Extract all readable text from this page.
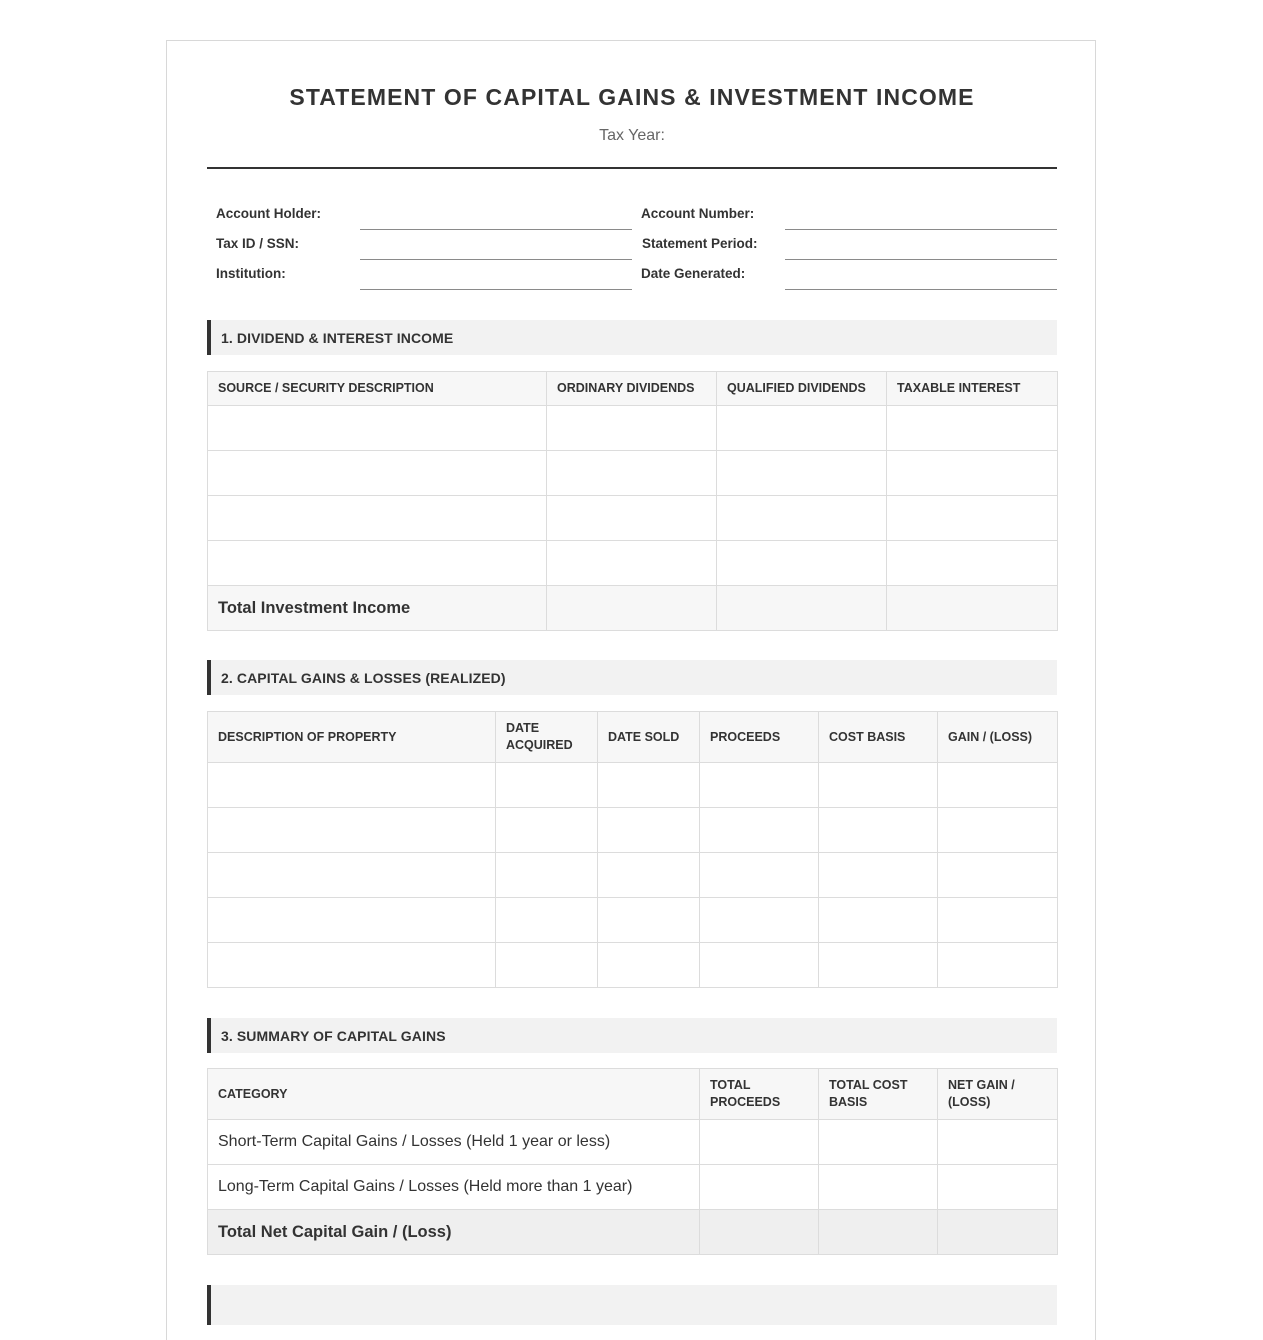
STATEMENT OF CAPITAL GAINS & INVESTMENT INCOME
Tax Year:
Account Holder:
Tax ID / SSN:
Institution:
Account Number:
Statement Period:
Date Generated:
1. DIVIDEND & INTEREST INCOME
SOURCE / SECURITY DESCRIPTION	ORDINARY DIVIDENDS	QUALIFIED DIVIDENDS	TAXABLE INTEREST

Total Investment Income			
2. CAPITAL GAINS & LOSSES (REALIZED)
DESCRIPTION OF PROPERTY	DATE ACQUIRED	DATE SOLD	PROCEEDS	COST BASIS	GAIN / (LOSS)

3. SUMMARY OF CAPITAL GAINS
CATEGORY	TOTAL PROCEEDS	TOTAL COST BASIS	NET GAIN / (LOSS)
Short-Term Capital Gains / Losses (Held 1 year or less)			
Long-Term Capital Gains / Losses (Held more than 1 year)			
Total Net Capital Gain / (Loss)			
